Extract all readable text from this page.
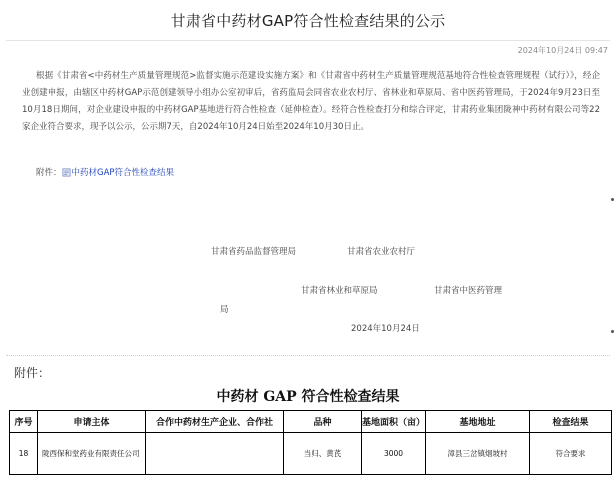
甘肃省中药材GAP符合性检查结果的公示
2024年10月24日 09:47

根据《甘肃省<中药材生产质量管理规范>监督实施示范建设实施方案》和《甘肃省中药材生产质量管理规范基地符合性检查管理规程（试行）》，经企业创建申报，由辖区中药材GAP示范创建领导小组办公室初审后，省药监局会同省农业农村厅、省林业和草原局、省中医药管理局，于2024年9月23日至10月18日期间，对企业建设申报的中药材GAP基地进行符合性检查（延伸检查）。经符合性检查打分和综合评定，甘肃药业集团陇神中药材有限公司等22家企业符合要求，现予以公示，公示期7天，自2024年10月24日始至2024年10月30日止。

附件： 中药材GAP符合性检查结果
甘肃省药品监督管理局	甘肃省农业农村厅
甘肃省林业和草原局	甘肃省中医药管理
局
2024年10月24日
附件：
中药材 GAP 符合性检查结果
序号	申请主体	合作中药材生产企业、合作社	品种	基地面积（亩）	基地地址	检查结果
18	陇西保和堂药业有限责任公司		当归、黄芪	3000	漳县三岔镇烟坡村	符合要求
